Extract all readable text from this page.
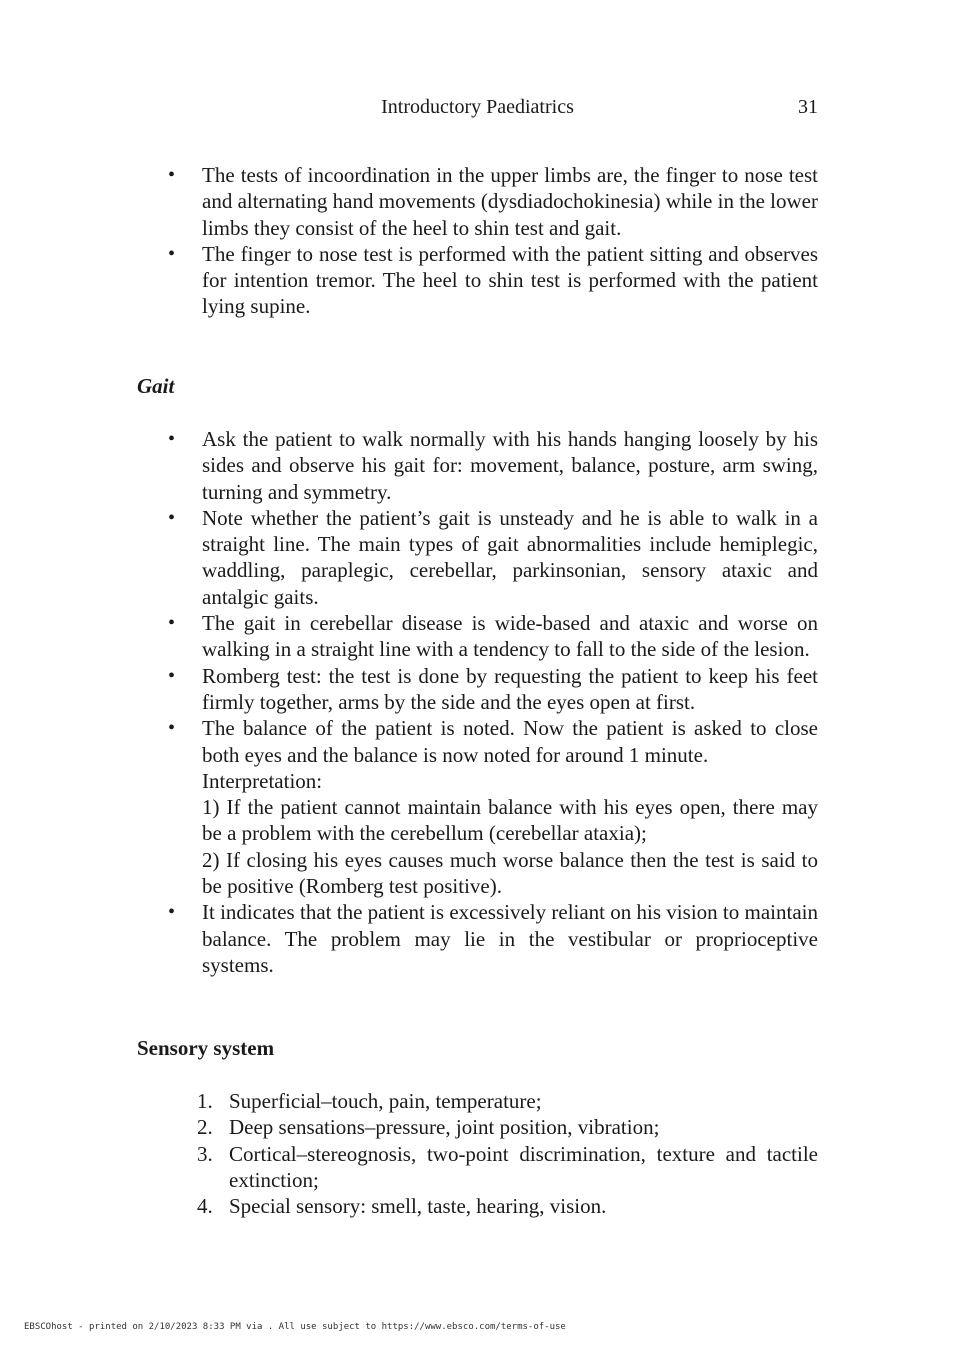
Introductory Paediatrics	31
• The tests of incoordination in the upper limbs are, the finger to nose test and alternating hand movements (dysdiadochokinesia) while in the lower limbs they consist of the heel to shin test and gait.
• The finger to nose test is performed with the patient sitting and observes for intention tremor. The heel to shin test is performed with the patient lying supine.
Gait
• Ask the patient to walk normally with his hands hanging loosely by his sides and observe his gait for: movement, balance, posture, arm swing, turning and symmetry.
• Note whether the patient’s gait is unsteady and he is able to walk in a straight line. The main types of gait abnormalities include hemiplegic, waddling, paraplegic, cerebellar, parkinsonian, sensory ataxic and antalgic gaits.
• The gait in cerebellar disease is wide-based and ataxic and worse on walking in a straight line with a tendency to fall to the side of the lesion.
• Romberg test: the test is done by requesting the patient to keep his feet firmly together, arms by the side and the eyes open at first.
• The balance of the patient is noted. Now the patient is asked to close both eyes and the balance is now noted for around 1 minute.
Interpretation:
1) If the patient cannot maintain balance with his eyes open, there may be a problem with the cerebellum (cerebellar ataxia);
2) If closing his eyes causes much worse balance then the test is said to be positive (Romberg test positive).
• It indicates that the patient is excessively reliant on his vision to maintain balance. The problem may lie in the vestibular or proprioceptive systems.
Sensory system
1. Superficial–touch, pain, temperature;
2. Deep sensations–pressure, joint position, vibration;
3. Cortical–stereognosis, two-point discrimination, texture and tactile extinction;
4. Special sensory: smell, taste, hearing, vision.
EBSCOhost - printed on 2/10/2023 8:33 PM via . All use subject to https://www.ebsco.com/terms-of-use
